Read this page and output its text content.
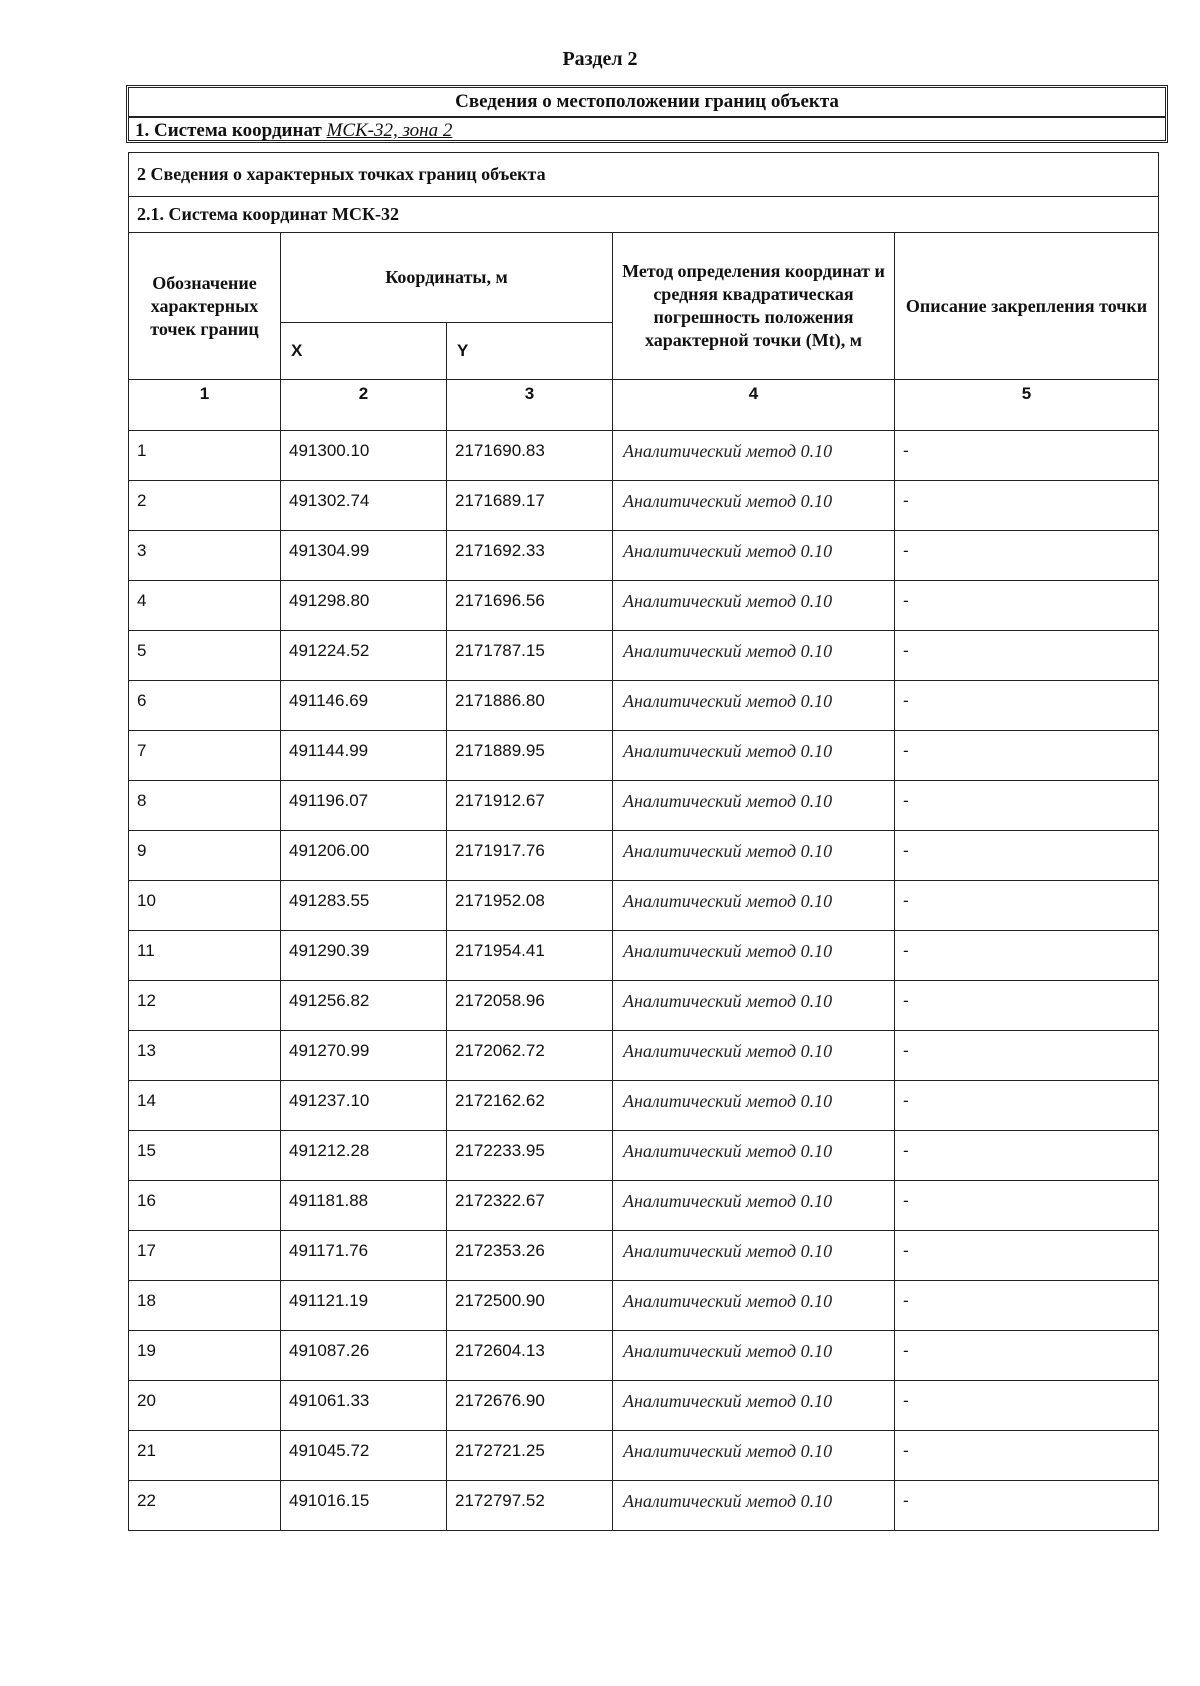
Раздел 2
Сведения о местоположении границ объекта
1. Система координат МСК-32, зона 2
2 Сведения о характерных точках границ объекта				
2.1. Система координат МСК-32				
Обозначение характерных точек границ	Координаты, м		Метод определения координат и средняя квадратическая погрешность положения характерной точки (Mt), м	Описание закрепления точки
	X	Y		
1	2	3	4	5
1	491300.10	2171690.83	Аналитический метод 0.10	-
2	491302.74	2171689.17	Аналитический метод 0.10	-
3	491304.99	2171692.33	Аналитический метод 0.10	-
4	491298.80	2171696.56	Аналитический метод 0.10	-
5	491224.52	2171787.15	Аналитический метод 0.10	-
6	491146.69	2171886.80	Аналитический метод 0.10	-
7	491144.99	2171889.95	Аналитический метод 0.10	-
8	491196.07	2171912.67	Аналитический метод 0.10	-
9	491206.00	2171917.76	Аналитический метод 0.10	-
10	491283.55	2171952.08	Аналитический метод 0.10	-
11	491290.39	2171954.41	Аналитический метод 0.10	-
12	491256.82	2172058.96	Аналитический метод 0.10	-
13	491270.99	2172062.72	Аналитический метод 0.10	-
14	491237.10	2172162.62	Аналитический метод 0.10	-
15	491212.28	2172233.95	Аналитический метод 0.10	-
16	491181.88	2172322.67	Аналитический метод 0.10	-
17	491171.76	2172353.26	Аналитический метод 0.10	-
18	491121.19	2172500.90	Аналитический метод 0.10	-
19	491087.26	2172604.13	Аналитический метод 0.10	-
20	491061.33	2172676.90	Аналитический метод 0.10	-
21	491045.72	2172721.25	Аналитический метод 0.10	-
22	491016.15	2172797.52	Аналитический метод 0.10	-
